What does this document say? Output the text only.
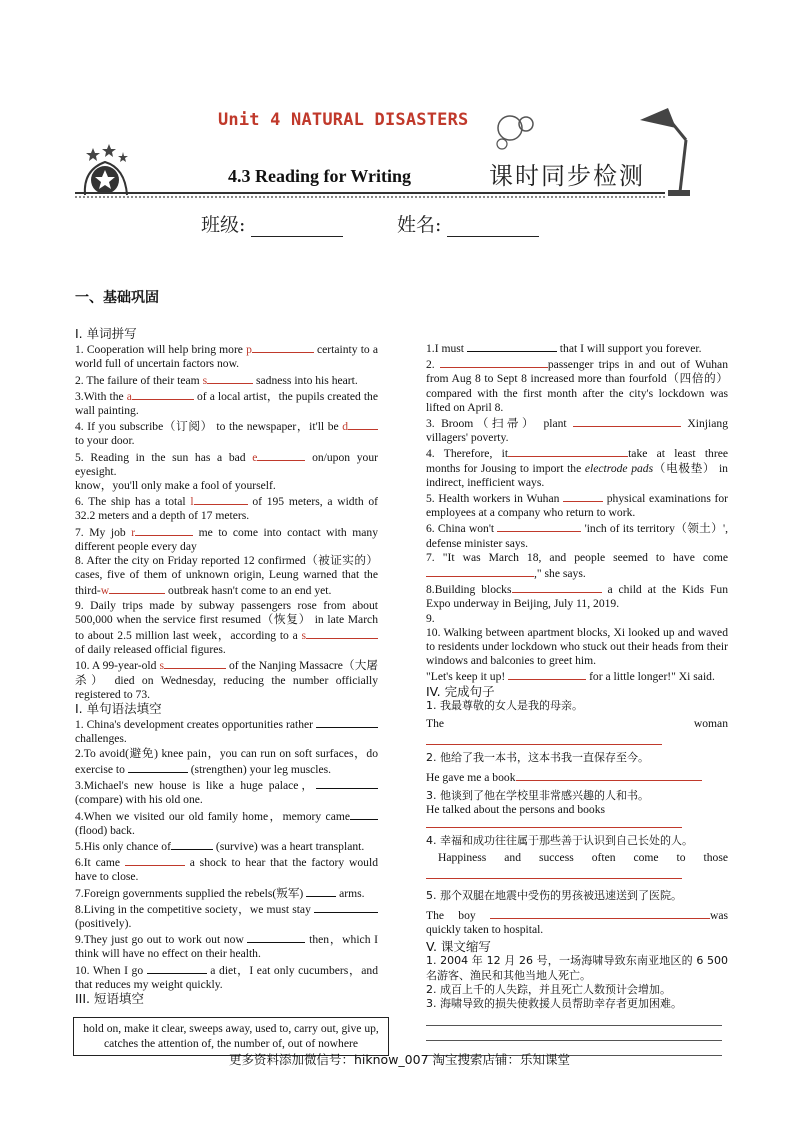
Unit 4 NATURAL DISASTERS
4.3 Reading for Writing	课时同步检测
班级:	姓名:
一、基础巩固
I. 单词拼写

1. Cooperation will help bring more p	certainty to a world full of uncertain factors now.

2. The failure of their team s	sadness into his heart.

3.With the a	of a local artist，the pupils created the wall painting.

4. If you subscribe（订阅） to the newspaper，it'll be d to your door.

5. Reading in the sun has a bad e	on/upon your eyesight.

know，you'll only make a fool of yourself.

6. The ship has a total l	of 195 meters, a width of 32.2 meters and a depth of 17 meters.

7. My job r	me to come into contact with many different people every day

8. After the city on Friday reported 12 confirmed（被证实的） cases, five of them of unknown origin, Leung warned that the third-w	outbreak hasn't come to an end yet.

9. Daily trips made by subway passengers rose from about 500,000 when the service first resumed（恢复） in late March to about 2.5 million last week，according to a s of daily released official figures.

10. A 99-year-old s	of the Nanjing Massacre（大屠杀） died on Wednesday, reducing the number officially registered to 73.

I. 单句语法填空

1. China's development creates opportunities rather  challenges.

2.To avoid(避免) knee pain，you can run on soft surfaces，do exercise to	(strengthen) your leg muscles.

3.Michael's new house is like a huge palace， (compare) with his old one.

4.When we visited our old family home，memory came (flood) back.

5.His only chance of	(survive) was a heart transplant.

6.It came	a shock to hear that the factory would have to close.

7.Foreign governments supplied the rebels(叛军)	arms.

8.Living in the competitive society，we must stay  (positively).

9.They just go out to work out now	then，which I think will have no effect on their health.

10. When I go	a diet，I eat only cucumbers，and that reduces my weight quickly.

III. 短语填空
hold on, make it clear, sweeps away, used to, carry out, give up, catches the attention of, the number of, out of nowhere

1.I must	that I will support you forever.

2.	passenger trips in and out of Wuhan from Aug 8 to Sept 8 increased more than fourfold（四倍的） compared with the first month after the city's lockdown was lifted on April 8.

3. Broom（扫帚） plant	Xinjiang villagers' poverty.

4. Therefore, it	take at least three months for Jousing to import the electrode pads（电极垫） in indirect, inefficient ways.

5. Health workers in Wuhan	physical examinations for employees at a company who return to work.

6. China won't	'inch of its territory（领土）', defense minister says.

7. "It was March 18, and people seemed to have come ," she says.

8.Building blocks	a child at the Kids Fun Expo underway in Beijing, July 11, 2019.

9.

10. Walking between apartment blocks, Xi looked up and waved to residents under lockdown who stuck out their heads from their windows and balconies to greet him.

"Let's keep it up!	for a little longer!" Xi said.

IV. 完成句子

1. 我最尊敬的女人是我的母亲。

The	woman

2. 他给了我一本书，这本书我一直保存至今。

He gave me a book

3. 他谈到了他在学校里非常感兴趣的人和书。

He talked about the persons and books

4. 幸福和成功往往属于那些善于认识到自己长处的人。

Happiness and success often come to those

5. 那个双腿在地震中受伤的男孩被迅速送到了医院。

The boy	was quickly taken to hospital.

V. 课文缩写

1. 2004 年 12 月 26 号，一场海啸导致东南亚地区的 6 500 名游客、渔民和其他当地人死亡。

2. 成百上千的人失踪，并且死亡人数预计会增加。

3. 海啸导致的损失使救援人员帮助幸存者更加困难。

更多资料添加微信号：hiknow_007 淘宝搜索店铺：乐知课堂
